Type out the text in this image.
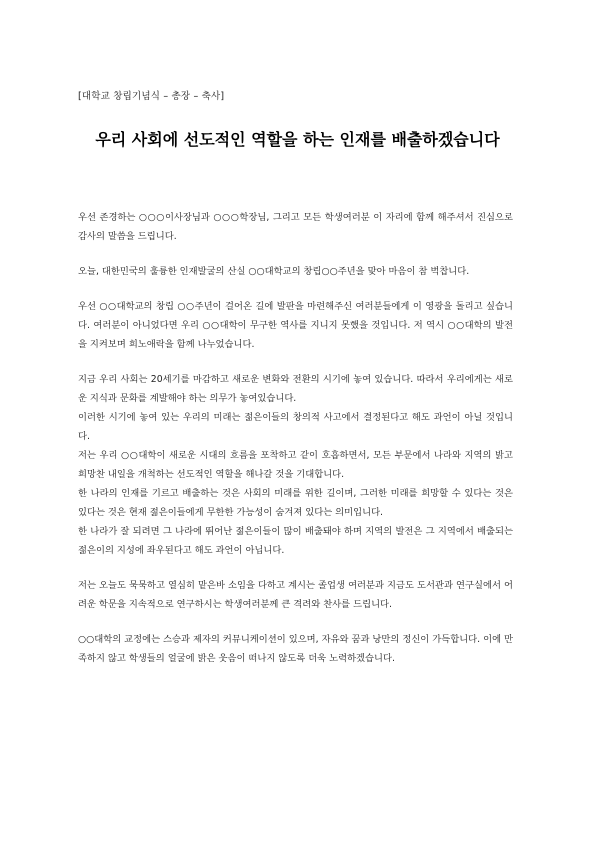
[대학교 창립기념식 – 총장 – 축사]
우리 사회에 선도적인 역할을 하는 인재를 배출하겠습니다

우선 존경하는 ○○○이사장님과 ○○○학장님, 그리고 모든 학생여러분 이 자리에 함께 해주셔서 진심으로 감사의 말씀을 드립니다.

오늘, 대한민국의 훌륭한 인재발굴의 산실 ○○대학교의 창립○○주년을 맞아 마음이 참 벅찹니다.

우선 ○○대학교의 창립 ○○주년이 걸어온 길에 발판을 마련해주신 여러분들에게 이 영광을 돌리고 싶습니다. 여러분이 아니었다면 우리 ○○대학이 무구한 역사를 지니지 못했을 것입니다. 저 역시 ○○대학의 발전을 지켜보며 희노애락을 함께 나누었습니다.

지금 우리 사회는 20세기를 마감하고 새로운 변화와 전환의 시기에 놓여 있습니다. 따라서 우리에게는 새로운 지식과 문화를 계발해야 하는 의무가 놓여있습니다.

이러한 시기에 놓여 있는 우리의 미래는 젊은이들의 창의적 사고에서 결정된다고 해도 과언이 아닐 것입니다.

저는 우리 ○○대학이 새로운 시대의 흐름을 포착하고 같이 호흡하면서, 모든 부문에서 나라와 지역의 밝고 희망찬 내일을 개척하는 선도적인 역할을 해나갈 것을 기대합니다.

한 나라의 인재를 기르고 배출하는 것은 사회의 미래를 위한 길이며, 그러한 미래를 희망할 수 있다는 것은 있다는 것은 현재 젊은이들에게 무한한 가능성이 숨겨져 있다는 의미입니다.

한 나라가 잘 되려면 그 나라에 뛰어난 젊은이들이 많이 배출돼야 하며 지역의 발전은 그 지역에서 배출되는 젊은이의 지성에 좌우된다고 해도 과언이 아닙니다.

저는 오늘도 묵묵하고 열심히 맡은바 소임을 다하고 계시는 졸업생 여러분과 지금도 도서관과 연구실에서 어려운 학문을 지속적으로 연구하시는 학생여러분께 큰 격려와 찬사를 드립니다.

○○대학의 교정에는 스승과 제자의 커뮤니케이션이 있으며, 자유와 꿈과 낭만의 정신이 가득합니다. 이에 만족하지 않고 학생들의 얼굴에 밝은 웃음이 떠나지 않도록 더욱 노력하겠습니다.
